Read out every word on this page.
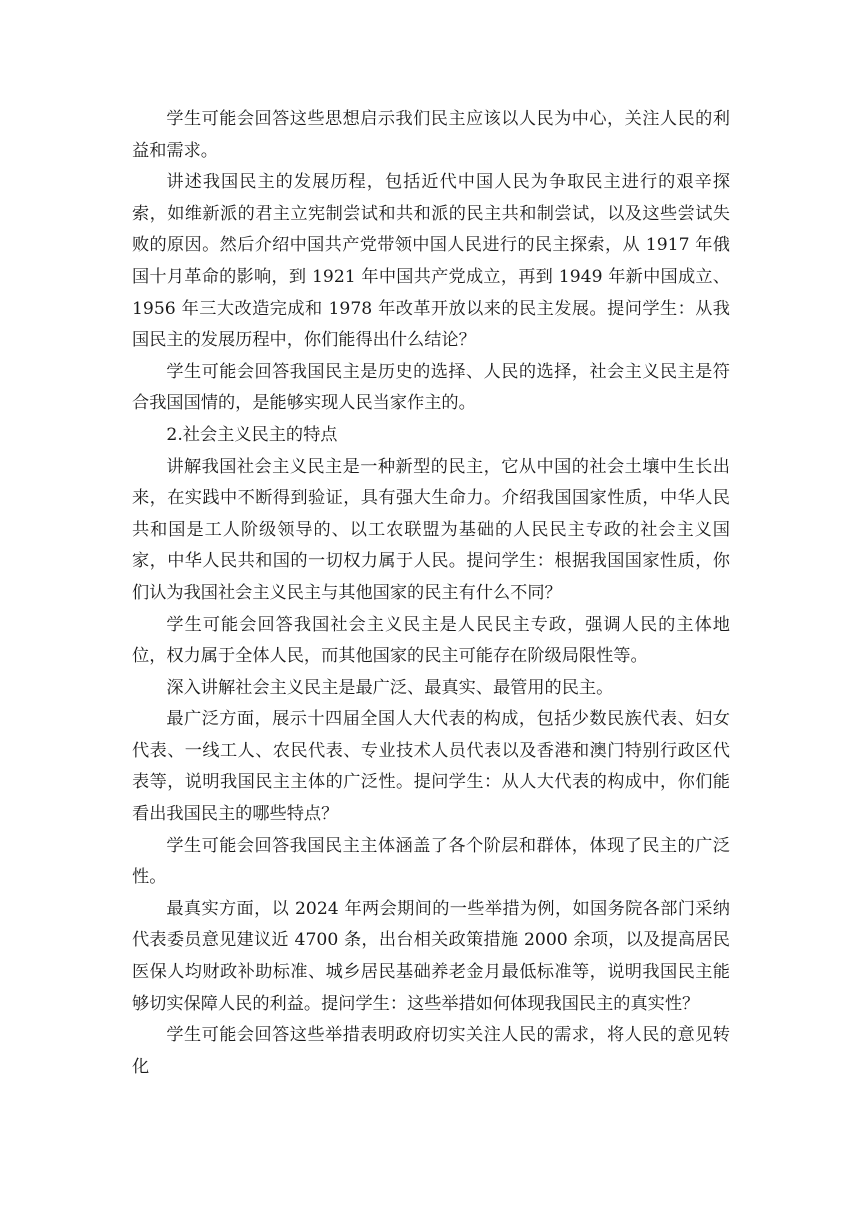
学生可能会回答这些思想启示我们民主应该以人民为中心，关注人民的利益和需求。

讲述我国民主的发展历程，包括近代中国人民为争取民主进行的艰辛探索，如维新派的君主立宪制尝试和共和派的民主共和制尝试，以及这些尝试失败的原因。然后介绍中国共产党带领中国人民进行的民主探索，从 1917 年俄国十月革命的影响，到 1921 年中国共产党成立，再到 1949 年新中国成立、1956 年三大改造完成和 1978 年改革开放以来的民主发展。提问学生：从我国民主的发展历程中，你们能得出什么结论？

学生可能会回答我国民主是历史的选择、人民的选择，社会主义民主是符合我国国情的，是能够实现人民当家作主的。

2.社会主义民主的特点

讲解我国社会主义民主是一种新型的民主，它从中国的社会土壤中生长出来，在实践中不断得到验证，具有强大生命力。介绍我国国家性质，中华人民共和国是工人阶级领导的、以工农联盟为基础的人民民主专政的社会主义国家，中华人民共和国的一切权力属于人民。提问学生：根据我国国家性质，你们认为我国社会主义民主与其他国家的民主有什么不同？

学生可能会回答我国社会主义民主是人民民主专政，强调人民的主体地位，权力属于全体人民，而其他国家的民主可能存在阶级局限性等。

深入讲解社会主义民主是最广泛、最真实、最管用的民主。

最广泛方面，展示十四届全国人大代表的构成，包括少数民族代表、妇女代表、一线工人、农民代表、专业技术人员代表以及香港和澳门特别行政区代表等，说明我国民主主体的广泛性。提问学生：从人大代表的构成中，你们能看出我国民主的哪些特点？

学生可能会回答我国民主主体涵盖了各个阶层和群体，体现了民主的广泛性。

最真实方面，以 2024 年两会期间的一些举措为例，如国务院各部门采纳代表委员意见建议近 4700 条，出台相关政策措施 2000 余项，以及提高居民医保人均财政补助标准、城乡居民基础养老金月最低标准等，说明我国民主能够切实保障人民的利益。提问学生：这些举措如何体现我国民主的真实性？

学生可能会回答这些举措表明政府切实关注人民的需求，将人民的意见转化
